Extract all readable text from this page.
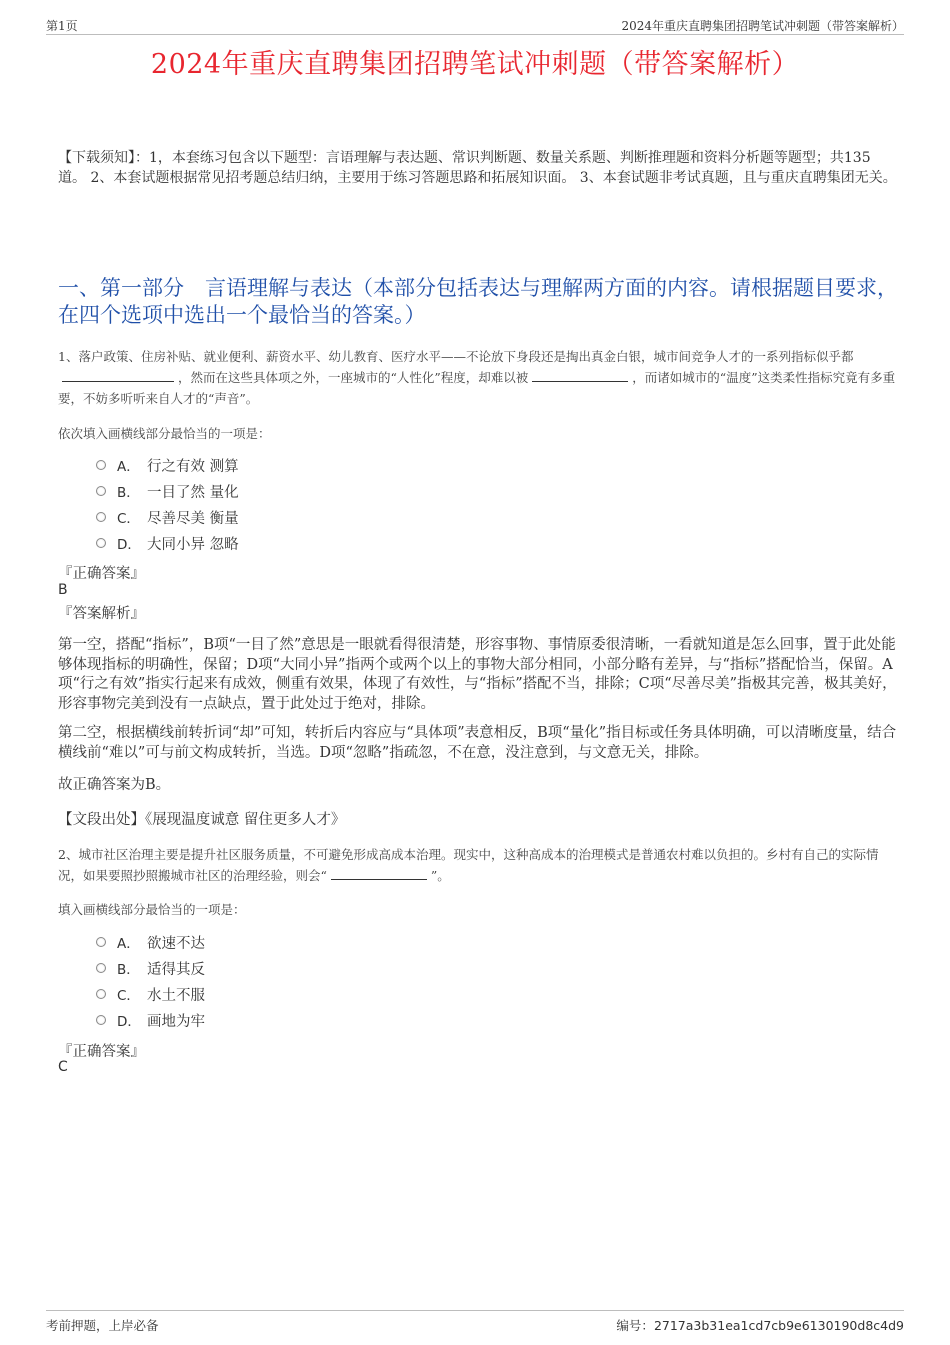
第1页	2024年重庆直聘集团招聘笔试冲刺题（带答案解析）
2024年重庆直聘集团招聘笔试冲刺题（带答案解析）
【下载须知】：1，本套练习包含以下题型：言语理解与表达题、常识判断题、数量关系题、判断推理题和资料分析题等题型；共135道。 2、本套试题根据常见招考题总结归纳，主要用于练习答题思路和拓展知识面。 3、本套试题非考试真题，且与重庆直聘集团无关。
一、第一部分　言语理解与表达（本部分包括表达与理解两方面的内容。请根据题目要求，在四个选项中选出一个最恰当的答案。）
1、落户政策、住房补贴、就业便利、薪资水平、幼儿教育、医疗水平——不论放下身段还是掏出真金白银，城市间竞争人才的一系列指标似乎都，然而在这些具体项之外，一座城市的“人性化”程度，却难以被	，而诸如城市的“温度”这类柔性指标究竟有多重要，不妨多听听来自人才的“声音”。
依次填入画横线部分最恰当的一项是：
A． 行之有效 测算
B． 一目了然 量化
C． 尽善尽美 衡量
D． 大同小异 忽略
『正确答案』
B
『答案解析』
第一空，搭配“指标”，B项“一目了然”意思是一眼就看得很清楚，形容事物、事情原委很清晰，一看就知道是怎么回事，置于此处能够体现指标的明确性，保留；D项“大同小异”指两个或两个以上的事物大部分相同，小部分略有差异，与“指标”搭配恰当，保留。A项“行之有效”指实行起来有成效，侧重有效果，体现了有效性，与“指标”搭配不当，排除；C项“尽善尽美”指极其完善，极其美好，形容事物完美到没有一点缺点，置于此处过于绝对，排除。
第二空，根据横线前转折词“却”可知，转折后内容应与“具体项”表意相反，B项“量化”指目标或任务具体明确，可以清晰度量，结合横线前“难以”可与前文构成转折，当选。D项“忽略”指疏忽，不在意，没注意到，与文意无关，排除。
故正确答案为B。
【文段出处】《展现温度诚意 留住更多人才》
2、城市社区治理主要是提升社区服务质量，不可避免形成高成本治理。现实中，这种高成本的治理模式是普通农村难以负担的。乡村有自己的实际情况，如果要照抄照搬城市社区的治理经验，则会“	”。
填入画横线部分最恰当的一项是：
A． 欲速不达
B． 适得其反
C． 水土不服
D． 画地为牢
『正确答案』
C
考前押题，上岸必备	编号：2717a3b31ea1cd7cb9e6130190d8c4d9
